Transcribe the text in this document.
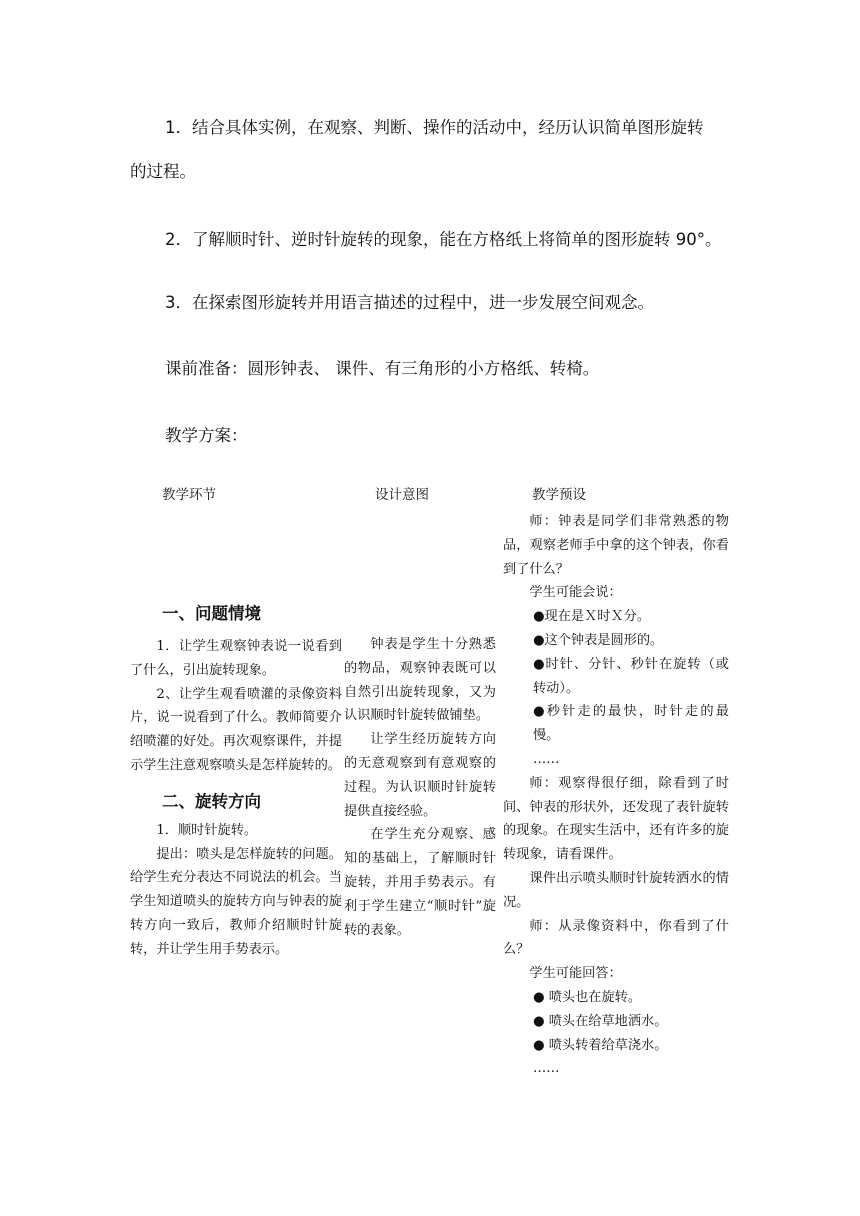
1．结合具体实例，在观察、判断、操作的活动中，经历认识简单图形旋转

的过程。

2．了解顺时针、逆时针旋转的现象，能在方格纸上将简单的图形旋转 90°。

3．在探索图形旋转并用语言描述的过程中，进一步发展空间观念。

课前准备：圆形钟表、 课件、有三角形的小方格纸、转椅。

教学方案：

教学环节	设计意图	教学预设

一、问题情境

1．让学生观察钟表说一说看到了什么，引出旋转现象。

2、让学生观看喷灌的录像资料片，说一说看到了什么。教师简要介绍喷灌的好处。再次观察课件，并提示学生注意观察喷头是怎样旋转的。

二、旋转方向

1．顺时针旋转。

提出：喷头是怎样旋转的问题。给学生充分表达不同说法的机会。当学生知道喷头的旋转方向与钟表的旋转方向一致后，教师介绍顺时针旋转，并让学生用手势表示。

钟表是学生十分熟悉的物品，观察钟表既可以自然引出旋转现象，又为认识顺时针旋转做铺垫。

让学生经历旋转方向的无意观察到有意观察的过程。为认识顺时针旋转提供直接经验。

在学生充分观察、感知的基础上，了解顺时针旋转，并用手势表示。有利于学生建立“顺时针”旋转的表象。

师：钟表是同学们非常熟悉的物品，观察老师手中拿的这个钟表，你看到了什么？

学生可能会说：

●现在是Ｘ时Ｘ分。

●这个钟表是圆形的。

●时针、分针、秒针在旋转（或转动）。

●秒针走的最快，时针走的最慢。

……

师：观察得很仔细，除看到了时间、钟表的形状外，还发现了表针旋转的现象。在现实生活中，还有许多的旋转现象，请看课件。

课件出示喷头顺时针旋转洒水的情况。

师：从录像资料中，你看到了什么？

学生可能回答：

● 喷头也在旋转。

● 喷头在给草地洒水。

● 喷头转着给草浇水。

……
